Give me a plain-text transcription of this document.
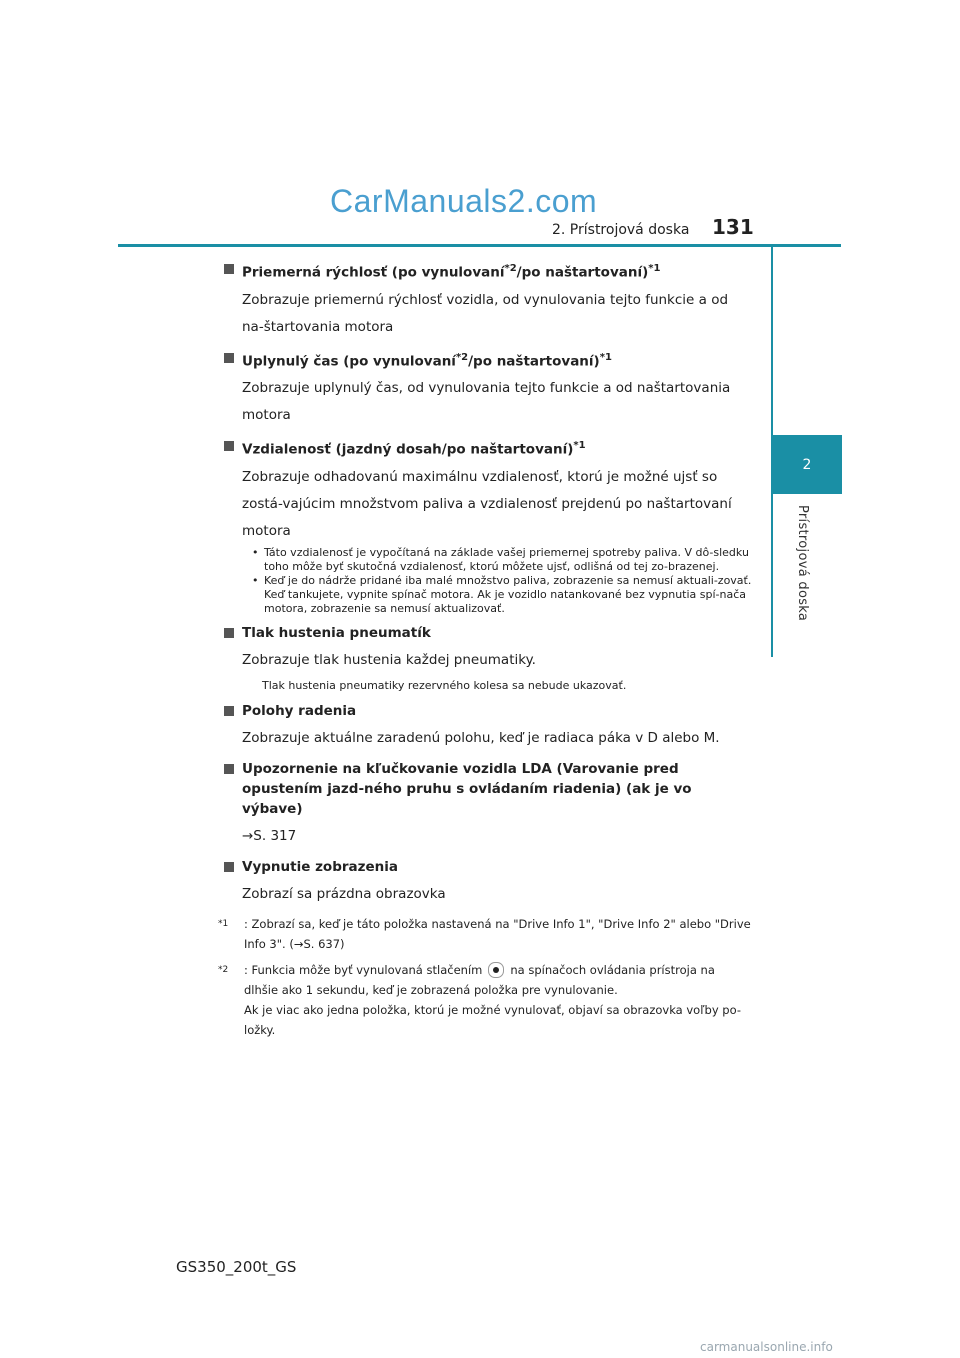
CarManuals2.com
2. Prístrojová doska 131
2
Prístrojová doska
Priemerná rýchlosť (po vynulovaní$^{*2}$/po naštartovaní)$^{*1}$
Zobrazuje priemernú rýchlosť vozidla, od vynulovania tejto funkcie a od na-štartovania motora
Uplynulý čas (po vynulovaní$^{*2}$/po naštartovaní)$^{*1}$
Zobrazuje uplynulý čas, od vynulovania tejto funkcie a od naštartovania motora
Vzdialenosť (jazdný dosah/po naštartovaní)$^{*1}$
Zobrazuje odhadovanú maximálnu vzdialenosť, ktorú je možné ujsť so zostá-vajúcim množstvom paliva a vzdialenosť prejdenú po naštartovaní motora
• Táto vzdialenosť je vypočítaná na základe vašej priemernej spotreby paliva. V dô-sledku toho môže byť skutočná vzdialenosť, ktorú môžete ujsť, odlišná od tej zo-brazenej.
• Keď je do nádrže pridané iba malé množstvo paliva, zobrazenie sa nemusí aktuali-zovať.
Keď tankujete, vypnite spínač motora. Ak je vozidlo natankované bez vypnutia spí-nača motora, zobrazenie sa nemusí aktualizovať.
Tlak hustenia pneumatík
Zobrazuje tlak hustenia každej pneumatiky.
Tlak hustenia pneumatiky rezervného kolesa sa nebude ukazovať.
Polohy radenia
Zobrazuje aktuálne zaradenú polohu, keď je radiaca páka v D alebo M.
Upozornenie na kľučkovanie vozidla LDA (Varovanie pred opustením jazd-ného pruhu s ovládaním riadenia) (ak je vo výbave)
→S. 317
Vypnutie zobrazenia
Zobrazí sa prázdna obrazovka
$^{*1}$ : Zobrazí sa, keď je táto položka nastavená na "Drive Info 1", "Drive Info 2" alebo "Drive Info 3". (→S. 637)
$^{*2}$ : Funkcia môže byť vynulovaná stlačením na spínačoch ovládania prístroja na dlhšie ako 1 sekundu, keď je zobrazená položka pre vynulovanie.
Ak je viac ako jedna položka, ktorú je možné vynulovať, objaví sa obrazovka voľby po-ložky.
GS350_200t_GS
carmanualsonline.info
